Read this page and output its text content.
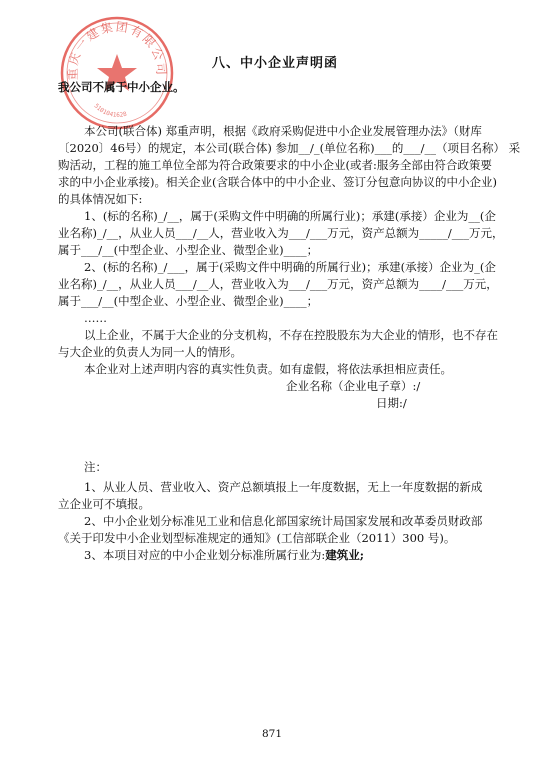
重庆一建集团有限公司
5101041628
八、中小企业声明函
我公司不属于中小企业。
本公司(联合体) 郑重声明，根据《政府采购促进中小企业发展管理办法》（财库
〔2020〕46号）的规定，本公司(联合体) 参加__/_(单位名称)___的___/__（项目名称） 采
购活动，工程的施工单位全部为符合政策要求的中小企业(或者:服务全部由符合政策要
求的中小企业承接)。相关企业(含联合体中的中小企业、签订分包意向协议的中小企业)
的具体情况如下:
1、(标的名称)_/__，属于(采购文件中明确的所属行业)；承建(承接）企业为__(企
业名称)_/__，从业人员___/__人，营业收入为___/___万元，资产总额为_____/___万元，
属于___/__(中型企业、小型企业、微型企业)____；
2、(标的名称)_/___，属于(采购文件中明确的所属行业)；承建(承接）企业为_(企
业名称)_/__，从业人员___/__人，营业收入为___/___万元，资产总额为____/___万元，
属于___/__(中型企业、小型企业、微型企业)____；
……
以上企业，不属于大企业的分支机构，不存在控股股东为大企业的情形，也不存在
与大企业的负责人为同一人的情形。
本企业对上述声明内容的真实性负责。如有虚假，将依法承担相应责任。
企业名称（企业电子章）:/
日期:/
注：
1、从业人员、营业收入、资产总额填报上一年度数据，无上一年度数据的新成
立企业可不填报。
2、中小企业划分标准见工业和信息化部国家统计局国家发展和改革委员财政部
《关于印发中小企业划型标准规定的通知》(工信部联企业（2011）300 号)。
3、本项目对应的中小企业划分标准所属行业为:建筑业;
871
